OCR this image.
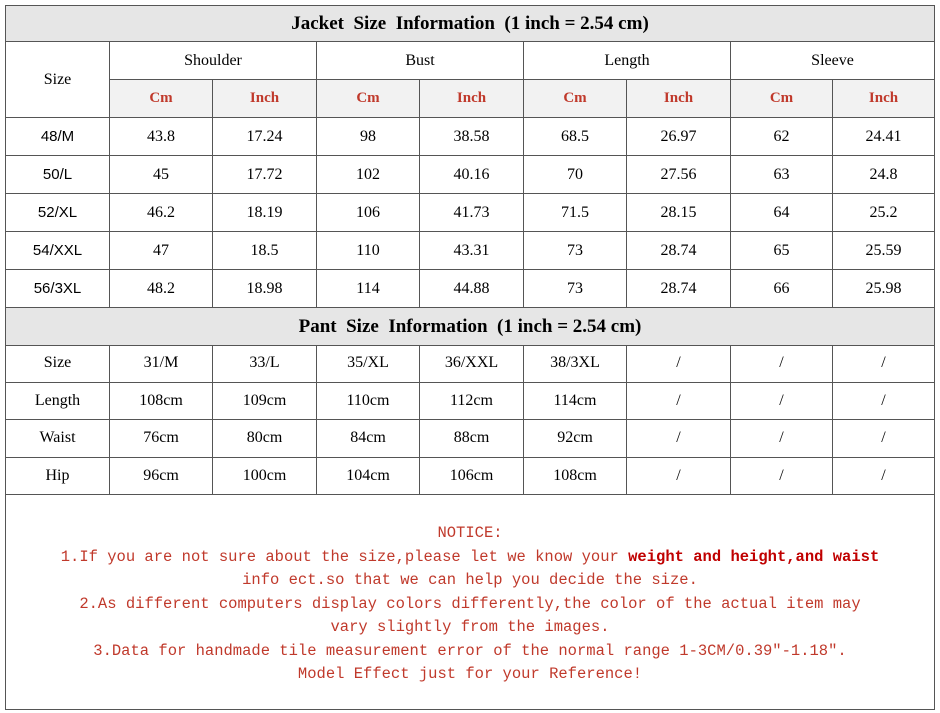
Jacket  Size  Information  (1 inch = 2.54 cm)
Pant  Size  Information  (1 inch = 2.54 cm)
NOTICE:
1.If you are not sure about the size,please let we know your weight and height,and waist
info ect.so that we can help you decide the size.
2.As different computers display colors differently,the color of the actual item may
vary slightly from the images.
3.Data for handmade tile measurement error of the normal range 1-3CM/0.39"-1.18".
Model Effect just for your Reference!
Size
Shoulder	Bust	Length	Sleeve
Cm	Inch	Cm	Inch	Cm	Inch	Cm	Inch
48/M	43.8	17.24	98	38.58	68.5	26.97	62	24.41
50/L	45	17.72	102	40.16	70	27.56	63	24.8
52/XL	46.2	18.19	106	41.73	71.5	28.15	64	25.2
54/XXL	47	18.5	110	43.31	73	28.74	65	25.59
56/3XL	48.2	18.98	114	44.88	73	28.74	66	25.98
Size	31/M	33/L	35/XL	36/XXL	38/3XL	/	/	/
Length	108cm	109cm	110cm	112cm	114cm	/	/	/
Waist	76cm	80cm	84cm	88cm	92cm	/	/	/
Hip	96cm	100cm	104cm	106cm	108cm	/	/	/
